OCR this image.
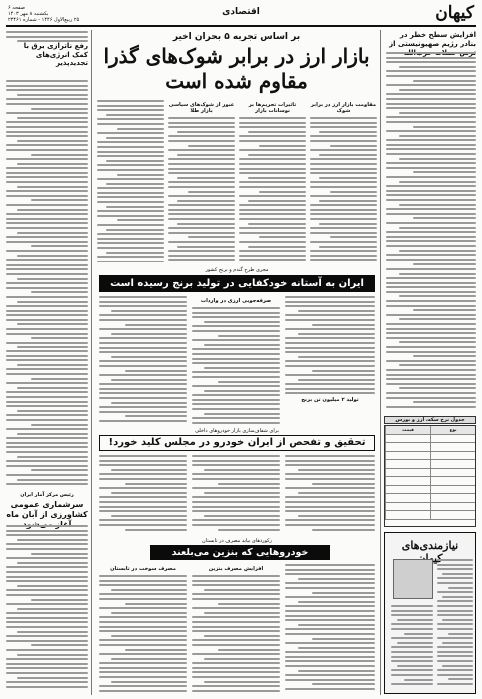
کیهان
اقتصادی
صفحه ۶
یکشنبه ۸ مهر ۱۴۰۳
۲۵ ربیع‌الاول ۱۴۴۶ - شماره ۲۳۴۶۱
رفع ناترازی برق با کمک انرژی‌های تجدیدپذیر
رئیس مرکز آمار ایران
سرشماری عمومی کشاورزی از آبان ماه
بر اساس تجربه ۵ بحران اخیر
بازار ارز در برابر شوک‌های گذرا
مقاوم شده است
عبور از شوک‌های سیاسی بازار طلا
تاثیرات تحریم‌ها بر نوسانات بازار
مقاومت بازار ارز در برابر شوک
مجری طرح گندم و برنج کشور
ایران به آستانه خودکفایی در تولید برنج رسیده است
صرفه‌جویی ارزی در واردات
تولید ۲ میلیون تن برنج
برای شفاف‌سازی بازار خودروهای داخلی
تحقیق و تفحص از ایران خودرو در مجلس کلید خورد!
رکوردهای بیاید مصرف در تابستان
خودروهایی که بنزین می‌بلعند
مصرف سوخت در تابستان	افزایش مصرف بنزین
افزایش سطح خطر در بنادر رژیم صهیونیستی از
جدول نرخ سکه، ارز و بورس
نوع
قیمت
نیازمندی‌های
